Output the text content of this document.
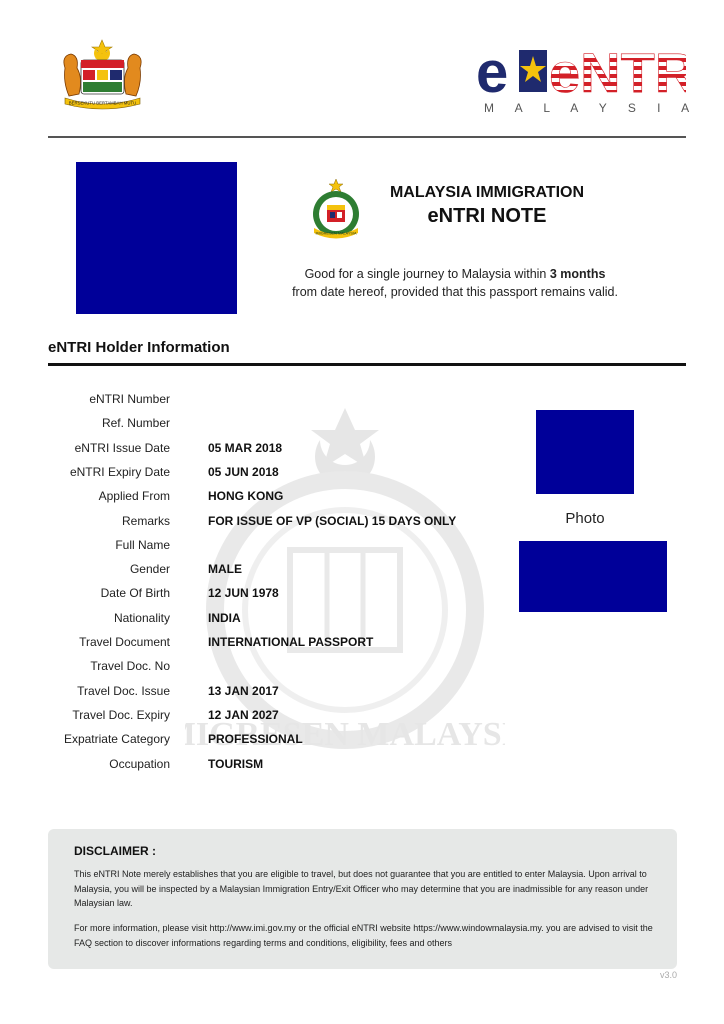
BERSEKUTU BERTAMBAH MUTU	e eNTR
M A L A Y S I A
IMIGRESEN MALAYSIA
MALAYSIA IMMIGRATION
eNTRI NOTE
Good for a single journey to Malaysia within 3 months
from date hereof, provided that this passport remains valid.
eNTRI Holder Information
IGRESEN MALAYS
eNTRI Number
Ref. Number
eNTRI Issue Date	05 MAR 2018
eNTRI Expiry Date	05 JUN 2018
Applied From	HONG KONG
Remarks	FOR ISSUE OF VP (SOCIAL) 15 DAYS ONLY
Full Name
Gender	MALE
Date Of Birth	12 JUN 1978
Nationality	INDIA
Travel Document	INTERNATIONAL PASSPORT
Travel Doc. No
Travel Doc. Issue	13 JAN 2017
Travel Doc. Expiry	12 JAN 2027
Expatriate Category	PROFESSIONAL
Occupation	TOURISM
Photo
DISCLAIMER :
This eNTRI Note merely establishes that you are eligible to travel, but does not guarantee that you are entitled to enter Malaysia. Upon arrival to Malaysia, you will be inspected by a Malaysian Immigration Entry/Exit Officer who may determine that you are inadmissible for any reason under Malaysian law.
For more information, please visit http://www.imi.gov.my or the official eNTRI website https://www.windowmalaysia.my. you are advised to visit the FAQ section to discover informations regarding terms and conditions, eligibility, fees and others
v3.0
